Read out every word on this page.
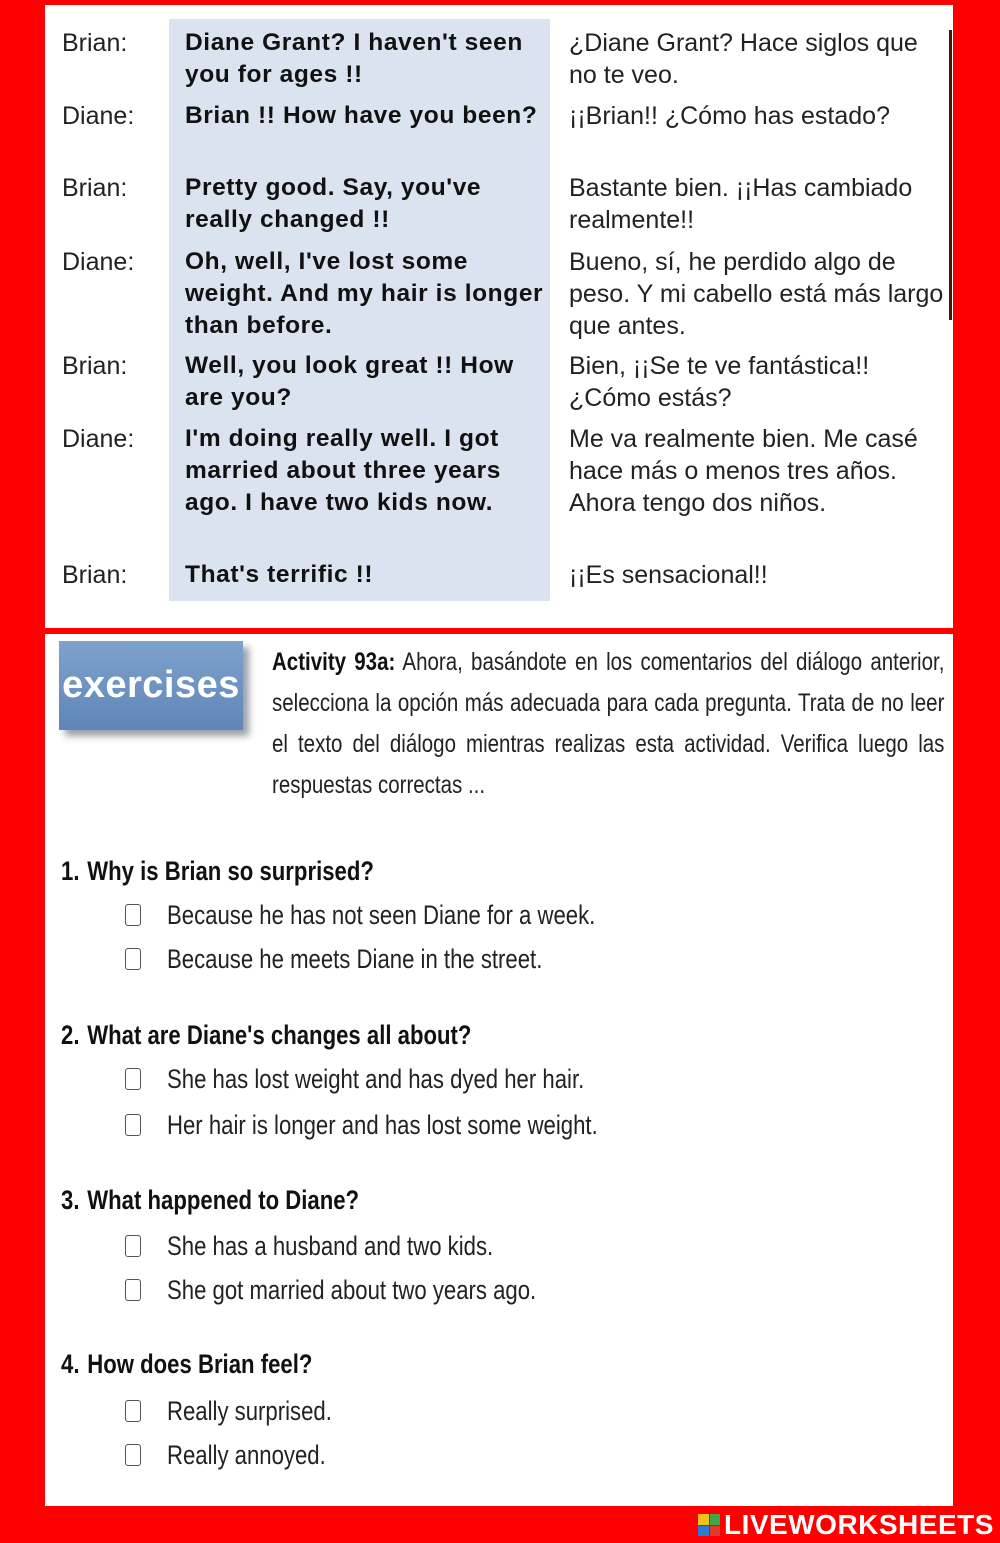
Brian: Diane Grant? I haven't seen you for ages !!
¿Diane Grant? Hace siglos que no te veo.
Diane: Brian !! How have you been?	¡¡Brian!! ¿Cómo has estado?
Brian: Pretty good. Say, you've really changed !!
Bastante bien. ¡¡Has cambiado realmente!!
Diane: Oh, well, I've lost some weight. And my hair is longer than before.
Bueno, sí, he perdido algo de peso. Y mi cabello está más largo que antes.
Brian: Well, you look great !! How are you?
Bien, ¡¡Se te ve fantástica!! ¿Cómo estás?
Diane: I'm doing really well. I got married about three years ago. I have two kids now.
Me va realmente bien. Me casé hace más o menos tres años. Ahora tengo dos niños.
Brian: That's terrific !!	¡¡Es sensacional!!
exercises
Activity 93a: Ahora, basándote en los comentarios del diálogo anterior, selecciona la opción más adecuada para cada pregunta. Trata de no leer el texto del diálogo mientras realizas esta actividad. Verifica luego las respuestas correctas ...
1. Why is Brian so surprised?
Because he has not seen Diane for a week.
Because he meets Diane in the street.
2. What are Diane's changes all about?
She has lost weight and has dyed her hair.
Her hair is longer and has lost some weight.
3. What happened to Diane?
She has a husband and two kids.
She got married about two years ago.
4. How does Brian feel?
Really surprised.
Really annoyed.
LIVEWORKSHEETS
